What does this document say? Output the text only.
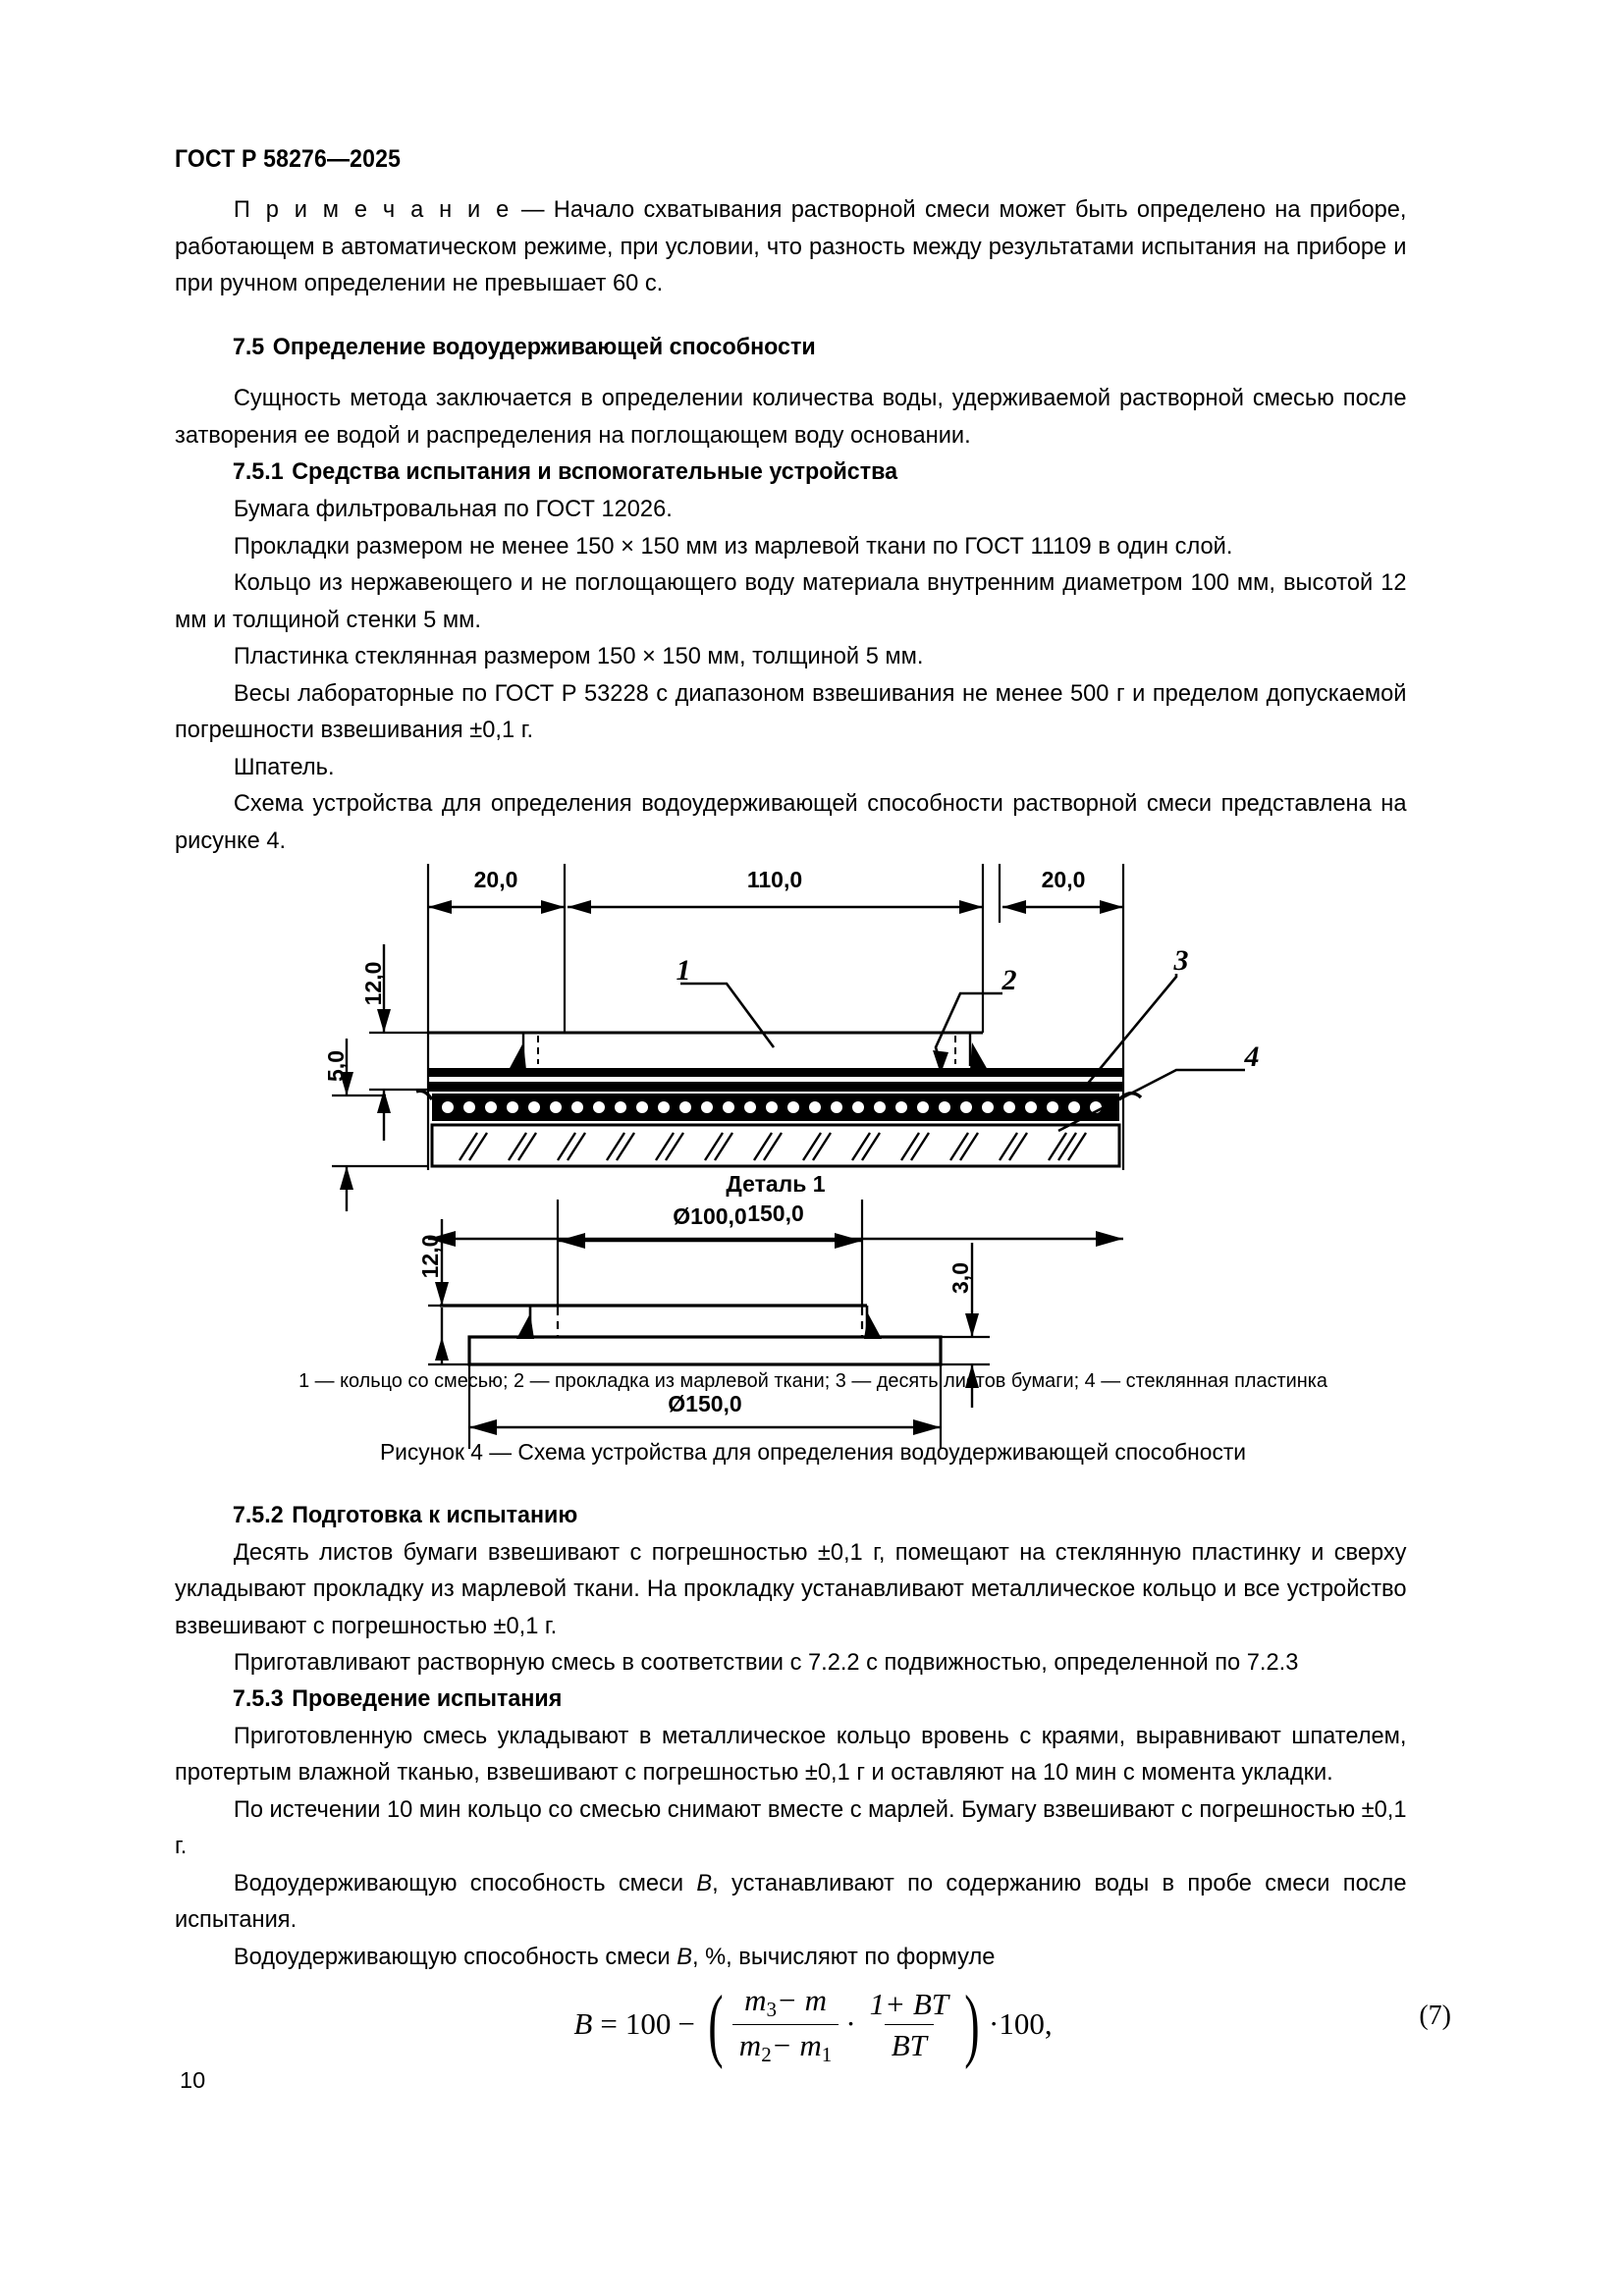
ГОСТ Р 58276—2025

П р и м е ч а н и е — Начало схватывания растворной смеси может быть определено на приборе, работающем в автоматическом режиме, при условии, что разность между результатами испытания на приборе и при ручном определении не превышает 60 с.

7.5 Определение водоудерживающей способности

Сущность метода заключается в определении количества воды, удерживаемой растворной смесью после затворения ее водой и распределения на поглощающем воду основании.

7.5.1 Средства испытания и вспомогательные устройства

Бумага фильтровальная по ГОСТ 12026.

Прокладки размером не менее 150 × 150 мм из марлевой ткани по ГОСТ 11109 в один слой.

Кольцо из нержавеющего и не поглощающего воду материала внутренним диаметром 100 мм, высотой 12 мм и толщиной стенки 5 мм.

Пластинка стеклянная размером 150 × 150 мм, толщиной 5 мм.

Весы лабораторные по ГОСТ Р 53228 с диапазоном взвешивания не менее 500 г и пределом допускаемой погрешности взвешивания ±0,1 г.

Шпатель.

Схема устройства для определения водоудерживающей способности растворной смеси представлена на рисунке 4.

20,0	110,0	20,0
150,0
12,0
5,0
1	2
3
4
Деталь 1
Ø100,0
Ø150,0
12,0	3,0
1 — кольцо со смесью; 2 — прокладка из марлевой ткани; 3 — десять листов бумаги; 4 — стеклянная пластинка
Рисунок 4 — Схема устройства для определения водоудерживающей способности
7.5.2 Подготовка к испытанию

Десять листов бумаги взвешивают с погрешностью ±0,1 г, помещают на стеклянную пластинку и сверху укладывают прокладку из марлевой ткани. На прокладку устанавливают металлическое кольцо и все устройство взвешивают с погрешностью ±0,1 г.

Приготавливают растворную смесь в соответствии с 7.2.2 с подвижностью, определенной по 7.2.3

7.5.3 Проведение испытания

Приготовленную смесь укладывают в металлическое кольцо вровень с краями, выравнивают шпателем, протертым влажной тканью, взвешивают с погрешностью ±0,1 г и оставляют на 10 мин с момента укладки.

По истечении 10 мин кольцо со смесью снимают вместе с марлей. Бумагу взвешивают с погрешностью ±0,1 г.

Водоудерживающую способность смеси В, устанавливают по содержанию воды в пробе смеси после испытания.

Водоудерживающую способность смеси В, %, вычисляют по формуле

B = 100 − ( $\frac{m_3- m}{m_2- m_1} \cdot \frac{1+ BT}{BT}$ ) ·100,	(7)
10
